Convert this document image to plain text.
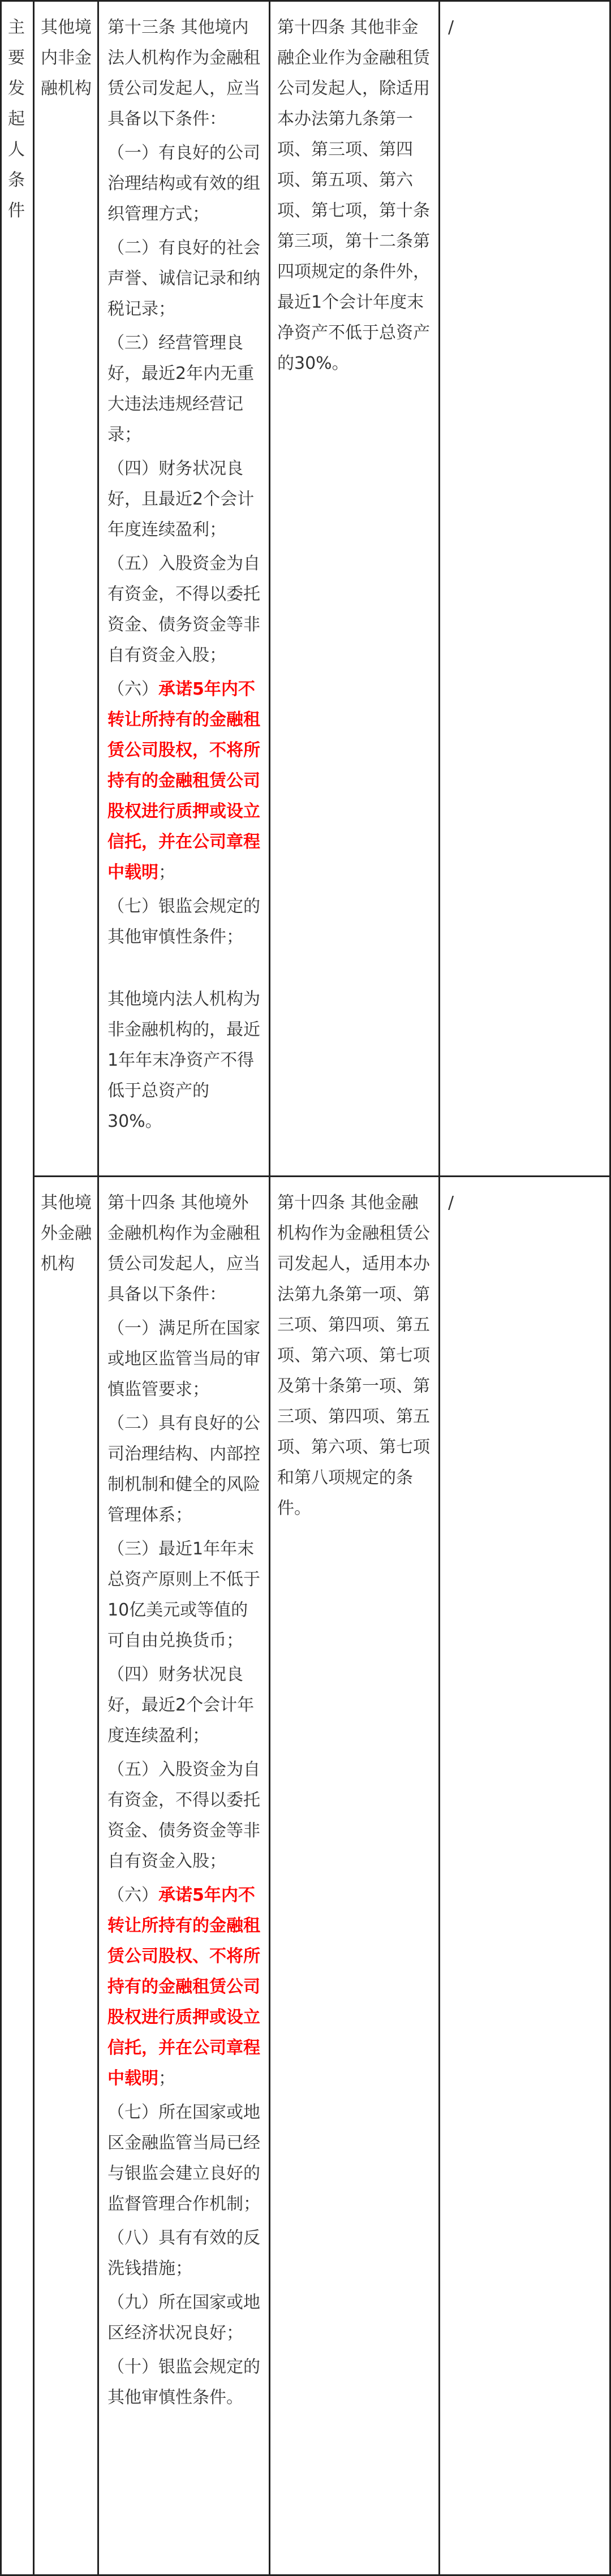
主要发起人条件
其他境内非金融机构

第十三条 其他境内法人机构作为金融租赁公司发起人，应当具备以下条件：

（一）有良好的公司治理结构或有效的组织管理方式；

（二）有良好的社会声誉、诚信记录和纳税记录；

（三）经营管理良好，最近2年内无重大违法违规经营记录；

（四）财务状况良好，且最近2个会计年度连续盈利；

（五）入股资金为自有资金，不得以委托资金、债务资金等非自有资金入股；

（六）承诺5年内不转让所持有的金融租赁公司股权，不将所持有的金融租赁公司股权进行质押或设立信托，并在公司章程中载明；

（七）银监会规定的其他审慎性条件；

其他境内法人机构为非金融机构的，最近1年年末净资产不得低于总资产的30%。

第十四条 其他非金融企业作为金融租赁公司发起人，除适用本办法第九条第一项、第三项、第四项、第五项、第六项、第七项，第十条第三项，第十二条第四项规定的条件外，最近1个会计年度末净资产不低于总资产的30%。
/
其他境外金融机构

第十四条 其他境外金融机构作为金融租赁公司发起人，应当具备以下条件：

（一）满足所在国家或地区监管当局的审慎监管要求；

（二）具有良好的公司治理结构、内部控制机制和健全的风险管理体系；

（三）最近1年年末总资产原则上不低于10亿美元或等值的可自由兑换货币；

（四）财务状况良好，最近2个会计年度连续盈利；

（五）入股资金为自有资金，不得以委托资金、债务资金等非自有资金入股；

（六）承诺5年内不转让所持有的金融租赁公司股权、不将所持有的金融租赁公司股权进行质押或设立信托，并在公司章程中载明；

（七）所在国家或地区金融监管当局已经与银监会建立良好的监督管理合作机制；

（八）具有有效的反洗钱措施；

（九）所在国家或地区经济状况良好；

（十）银监会规定的其他审慎性条件。

第十四条 其他金融机构作为金融租赁公司发起人，适用本办法第九条第一项、第三项、第四项、第五项、第六项、第七项及第十条第一项、第三项、第四项、第五项、第六项、第七项和第八项规定的条件。
/
